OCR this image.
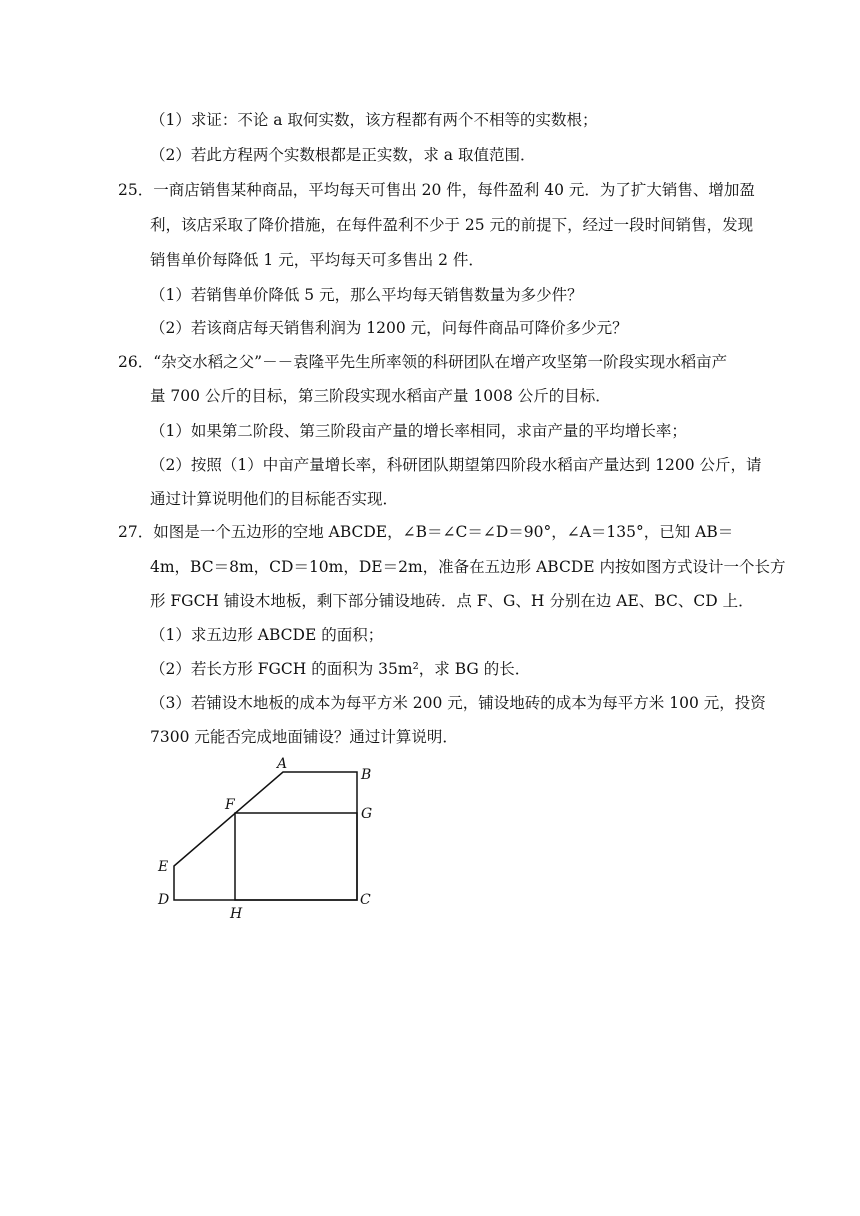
（1）求证：不论 a 取何实数，该方程都有两个不相等的实数根；
（2）若此方程两个实数根都是正实数，求 a 取值范围．
25．一商店销售某种商品，平均每天可售出 20 件，每件盈利 40 元．为了扩大销售、增加盈
利，该店采取了降价措施，在每件盈利不少于 25 元的前提下，经过一段时间销售，发现
销售单价每降低 1 元，平均每天可多售出 2 件．
（1）若销售单价降低 5 元，那么平均每天销售数量为多少件？
（2）若该商店每天销售利润为 1200 元，问每件商品可降价多少元？
26．“杂交水稻之父”－－袁隆平先生所率领的科研团队在增产攻坚第一阶段实现水稻亩产
量 700 公斤的目标，第三阶段实现水稻亩产量 1008 公斤的目标．
（1）如果第二阶段、第三阶段亩产量的增长率相同，求亩产量的平均增长率；
（2）按照（1）中亩产量增长率，科研团队期望第四阶段水稻亩产量达到 1200 公斤，请
通过计算说明他们的目标能否实现．
27．如图是一个五边形的空地 ABCDE，∠B＝∠C＝∠D＝90°，∠A＝135°，已知 AB＝
4m，BC＝8m，CD＝10m，DE＝2m，准备在五边形 ABCDE 内按如图方式设计一个长方
形 FGCH 铺设木地板，剩下部分铺设地砖．点 F、G、H 分别在边 AE、BC、CD 上．
（1）求五边形 ABCDE 的面积；
（2）若长方形 FGCH 的面积为 35m²，求 BG 的长．
（3）若铺设木地板的成本为每平方米 200 元，铺设地砖的成本为每平方米 100 元，投资
7300 元能否完成地面铺设？通过计算说明．
A
B
C
D
E
F
G
H
